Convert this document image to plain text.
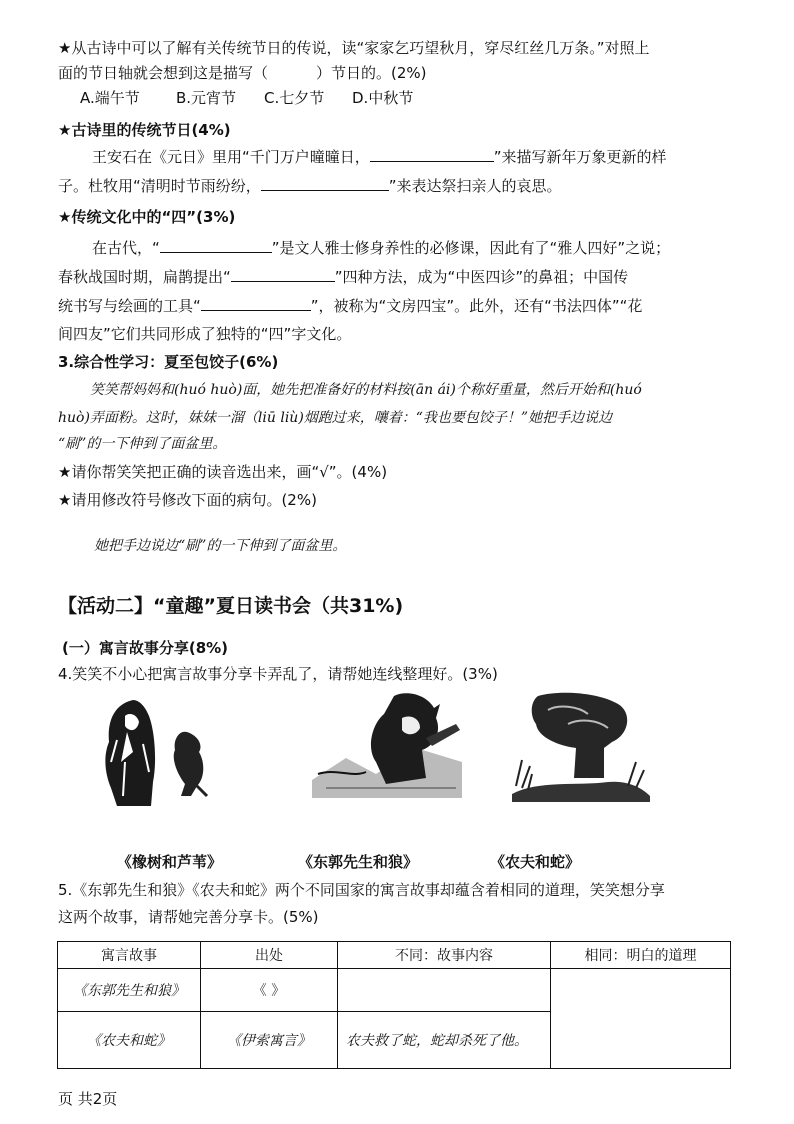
★从古诗中可以了解有关传统节日的传说，读“家家乞巧望秋月，穿尽红丝几万条。”对照上
面的节日轴就会想到这是描写（	）节日的。(2%)
A.端午节 B.元宵节 C.七夕节 D.中秋节
★古诗里的传统节日(4%)
王安石在《元日》里用“千门万户曈曈日，	”来描写新年万象更新的样
子。杜牧用“清明时节雨纷纷，	”来表达祭扫亲人的哀思。
★传统文化中的“四”(3%)
在古代，“	”是文人雅士修身养性的必修课，因此有了“雅人四好”之说；
春秋战国时期，扁鹊提出“	”四种方法，成为“中医四诊”的鼻祖；中国传
统书写与绘画的工具“	”，被称为“文房四宝”。此外，还有“书法四体”“花
间四友”它们共同形成了独特的“四”字文化。
3.综合性学习：夏至包饺子(6%)
笑笑帮妈妈和(huó huò)面，她先把准备好的材料按(ān ái)个称好重量，然后开始和(huó
huò)弄面粉。这时，妹妹一溜（liū liù)烟跑过来，嚷着：“我也要包饺子！”她把手边说边
“刷”的一下伸到了面盆里。
★请你帮笑笑把正确的读音选出来，画“√”。(4%)
★请用修改符号修改下面的病句。(2%)
她把手边说边“刷”的一下伸到了面盆里。
【活动二】“童趣”夏日读书会（共31%)
(一）寓言故事分享(8%)
4.笑笑不小心把寓言故事分享卡弄乱了，请帮她连线整理好。(3%)
《橡树和芦苇》	《东郭先生和狼》	《农夫和蛇》
5.《东郭先生和狼》《农夫和蛇》两个不同国家的寓言故事却蕴含着相同的道理，笑笑想分享
这两个故事，请帮她完善分享卡。(5%)
寓言故事	出处	不同：故事内容	相同：明白的道理
《东郭先生和狼》	《 》		
《农夫和蛇》	《伊索寓言》	农夫救了蛇，蛇却杀死了他。	
页 共2页
